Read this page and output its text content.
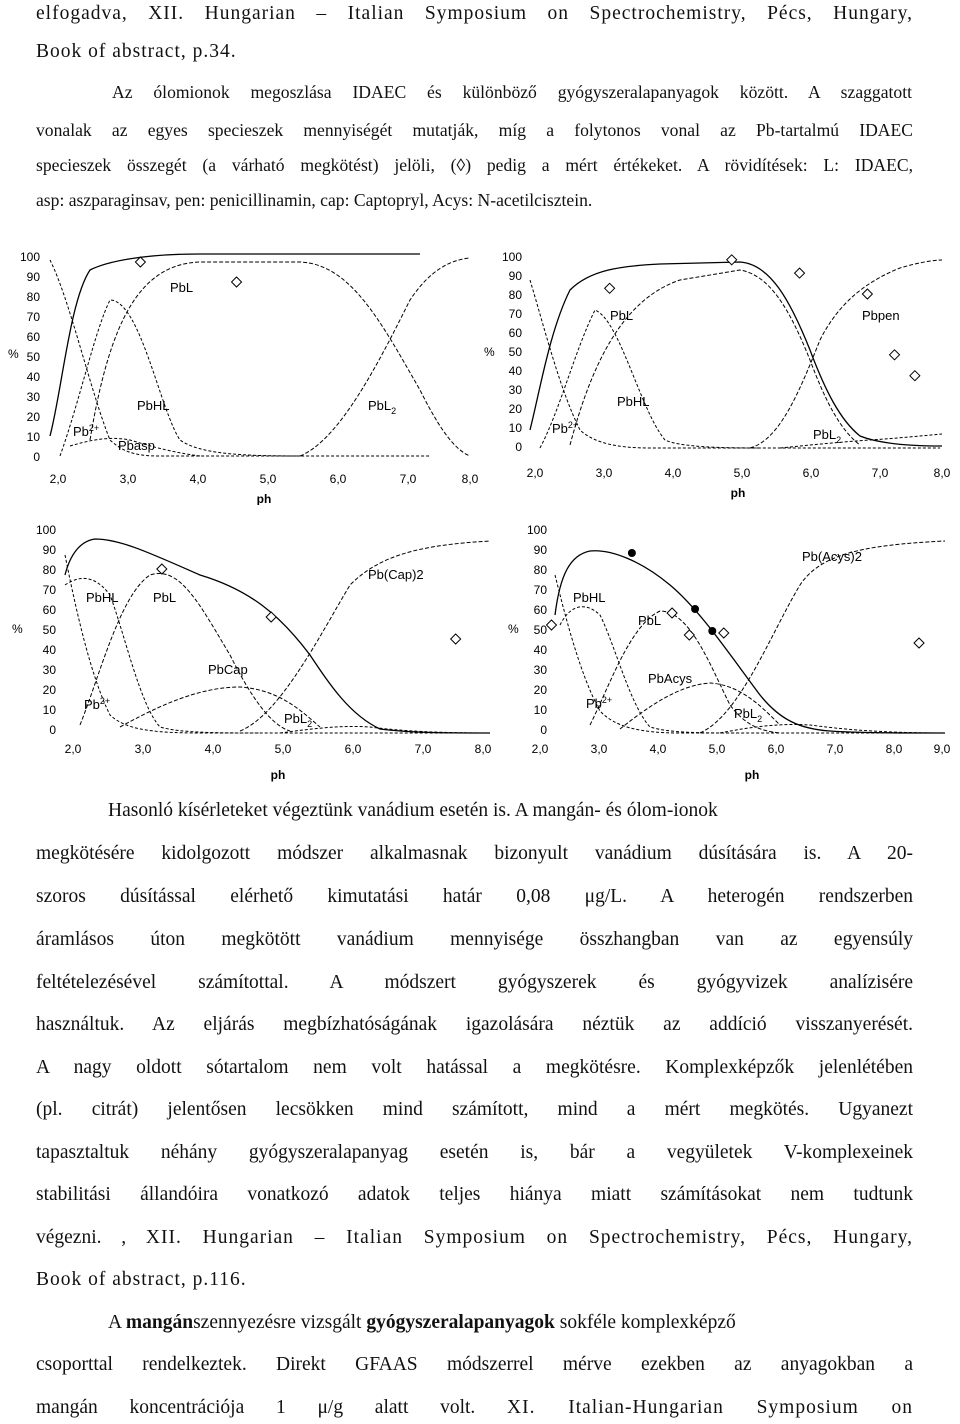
elfogadva, XII. Hungarian – Italian Symposium on Spectrochemistry, Pécs, Hungary,
Book of abstract, p.34.
Az ólomionok megoszlása IDAEC és különböző gyógyszeralapanyagok között. A szaggatott
vonalak az egyes specieszek mennyiségét mutatják, míg a folytonos vonal az Pb-tartalmú IDAEC
specieszek összegét (a várható megkötést) jelöli, (◊) pedig a mért értékeket. A rövidítések: L: IDAEC,
asp: aszparaginsav, pen: penicillinamin, cap: Captopryl, Acys: N-acetilcisztein.
%
100
90
80
70
60
50
40
30
20
10
0
2,0	3,0	4,0	5,0	6,0	7,0	8,0
ph
PbL
PbHL	PbL$_2$
$Pb^{2+}$
Pbasp
%
100
90
80
70
60
50
40
30
20
10
0
2,0	3,0	4,0	5,0	6,0	7,0	8,0
ph
PbL	Pbpen
PbHL
PbL$_2$
$Pb^{2+}$
%
100
90
80
70
60
50
40
30
20
10
0
2,0	3,0	4,0	5,0	6,0	7,0	8,0
ph
Pb(Cap)2
PbHL	PbL
PbCap
$Pb^{2+}$
PbL$_2$
%
100
90
80
70
60
50
40
30
20
10
0
2,0	3,0	4,0	5,0	6,0	7,0	8,0	9,0
ph
Pb(Acys)2
PbHL
PbL
PbAcys
$Pb^{2+}$
PbL$_2$
Hasonló kísérleteket végeztünk vanádium esetén is. A mangán- és ólom-ionok
megkötésére kidolgozott módszer alkalmasnak bizonyult vanádium dúsítására is. A 20-
szoros dúsítással elérhető kimutatási határ 0,08 μg/L. A heterogén rendszerben
áramlásos úton megkötött vanádium mennyisége összhangban van az egyensúly
feltételezésével számítottal. A módszert gyógyszerek és gyógyvizek analízisére
használtuk. Az eljárás megbízhatóságának igazolására néztük az addíció visszanyerését.
A nagy oldott sótartalom nem volt hatással a megkötésre. Komplexképzők jelenlétében
(pl. citrát) jelentősen lecsökken mind számított, mind a mért megkötés. Ugyanezt
tapasztaltuk néhány gyógyszeralapanyag esetén is, bár a vegyületek V-komplexeinek
stabilitási állandóira vonatkozó adatok teljes hiánya miatt számításokat nem tudtunk
végezni. , XII. Hungarian – Italian Symposium on Spectrochemistry, Pécs, Hungary,
Book of abstract, p.116.
A mangánszennyezésre vizsgált gyógyszeralapanyagok sokféle komplexképző
csoporttal rendelkeztek. Direkt GFAAS módszerrel mérve ezekben az anyagokban a
mangán koncentrációja 1 μ/g alatt volt. XI. Italian-Hungarian Symposium on
